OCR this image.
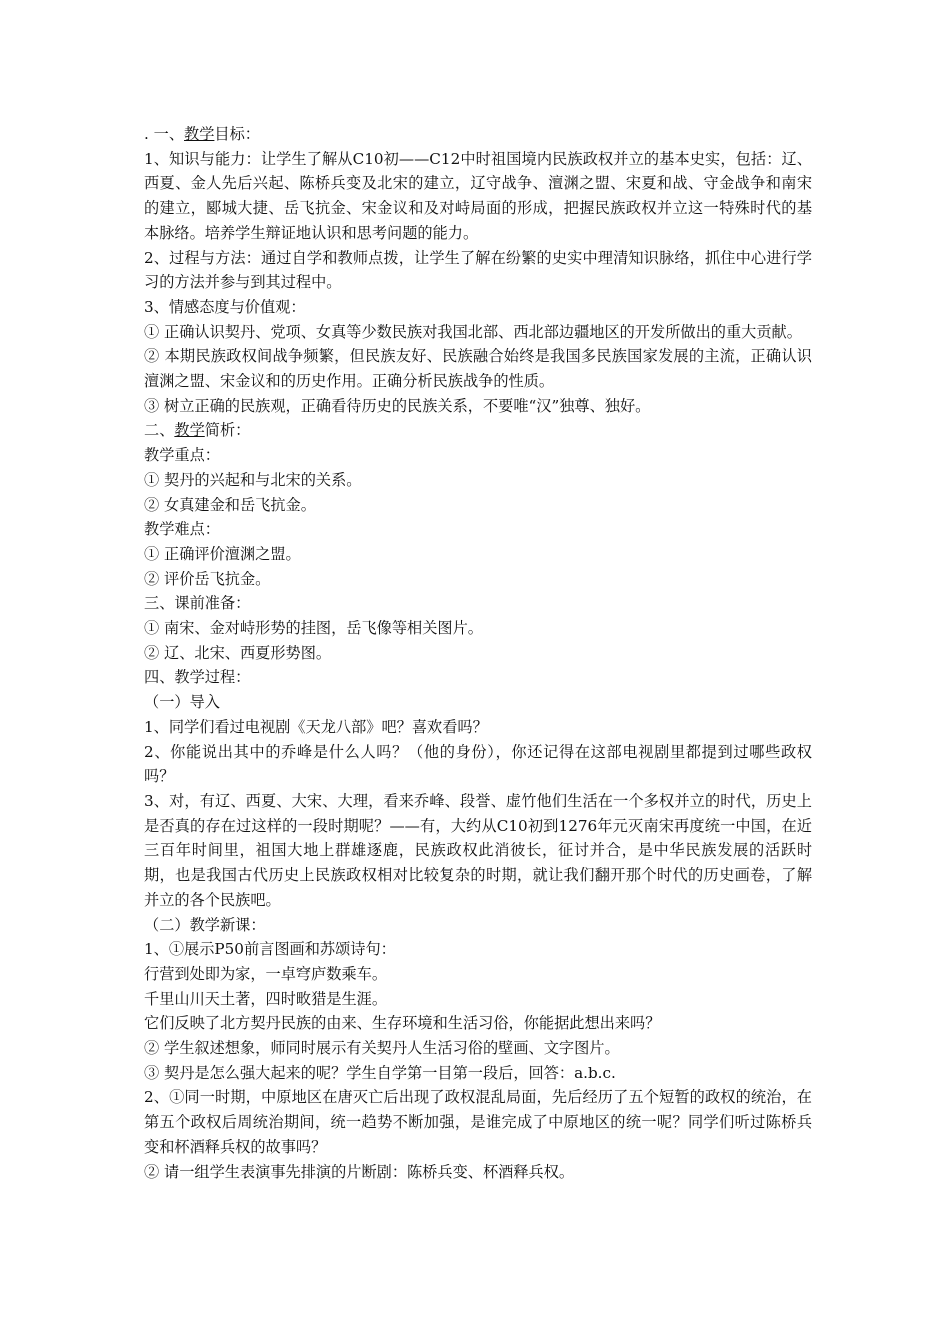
. 一、教学目标：

1、知识与能力：让学生了解从C10初——C12中时祖国境内民族政权并立的基本史实，包括：辽、西夏、金人先后兴起、陈桥兵变及北宋的建立，辽守战争、澶渊之盟、宋夏和战、守金战争和南宋的建立，郾城大捷、岳飞抗金、宋金议和及对峙局面的形成，把握民族政权并立这一特殊时代的基本脉络。培养学生辩证地认识和思考问题的能力。

2、过程与方法：通过自学和教师点拨，让学生了解在纷繁的史实中理清知识脉络，抓住中心进行学习的方法并参与到其过程中。

3、情感态度与价值观：

① 正确认识契丹、党项、女真等少数民族对我国北部、西北部边疆地区的开发所做出的重大贡献。

② 本期民族政权间战争频繁，但民族友好、民族融合始终是我国多民族国家发展的主流，正确认识澶渊之盟、宋金议和的历史作用。正确分析民族战争的性质。

③ 树立正确的民族观，正确看待历史的民族关系，不要唯“汉”独尊、独好。

二、教学简析：

教学重点：

① 契丹的兴起和与北宋的关系。

② 女真建金和岳飞抗金。

教学难点：

① 正确评价澶渊之盟。

② 评价岳飞抗金。

三、课前准备：

① 南宋、金对峙形势的挂图，岳飞像等相关图片。

② 辽、北宋、西夏形势图。

四、教学过程：

（一）导入

1、同学们看过电视剧《天龙八部》吧？喜欢看吗？

2、你能说出其中的乔峰是什么人吗？（他的身份），你还记得在这部电视剧里都提到过哪些政权吗？

3、对，有辽、西夏、大宋、大理，看来乔峰、段誉、虚竹他们生活在一个多权并立的时代，历史上是否真的存在过这样的一段时期呢？——有，大约从C10初到1276年元灭南宋再度统一中国，在近三百年时间里，祖国大地上群雄逐鹿，民族政权此消彼长，征讨并合，是中华民族发展的活跃时期，也是我国古代历史上民族政权相对比较复杂的时期，就让我们翻开那个时代的历史画卷，了解并立的各个民族吧。

（二）教学新课：

1、①展示P50前言图画和苏颂诗句：

行营到处即为家，一卓穹庐数乘车。

千里山川天土著，四时畋猎是生涯。

它们反映了北方契丹民族的由来、生存环境和生活习俗，你能据此想出来吗？

② 学生叙述想象，师同时展示有关契丹人生活习俗的壁画、文字图片。

③ 契丹是怎么强大起来的呢？学生自学第一目第一段后，回答：a.b.c.

2、①同一时期，中原地区在唐灭亡后出现了政权混乱局面，先后经历了五个短暂的政权的统治，在第五个政权后周统治期间，统一趋势不断加强，是谁完成了中原地区的统一呢？同学们听过陈桥兵变和杯酒释兵权的故事吗？

② 请一组学生表演事先排演的片断剧：陈桥兵变、杯酒释兵权。
